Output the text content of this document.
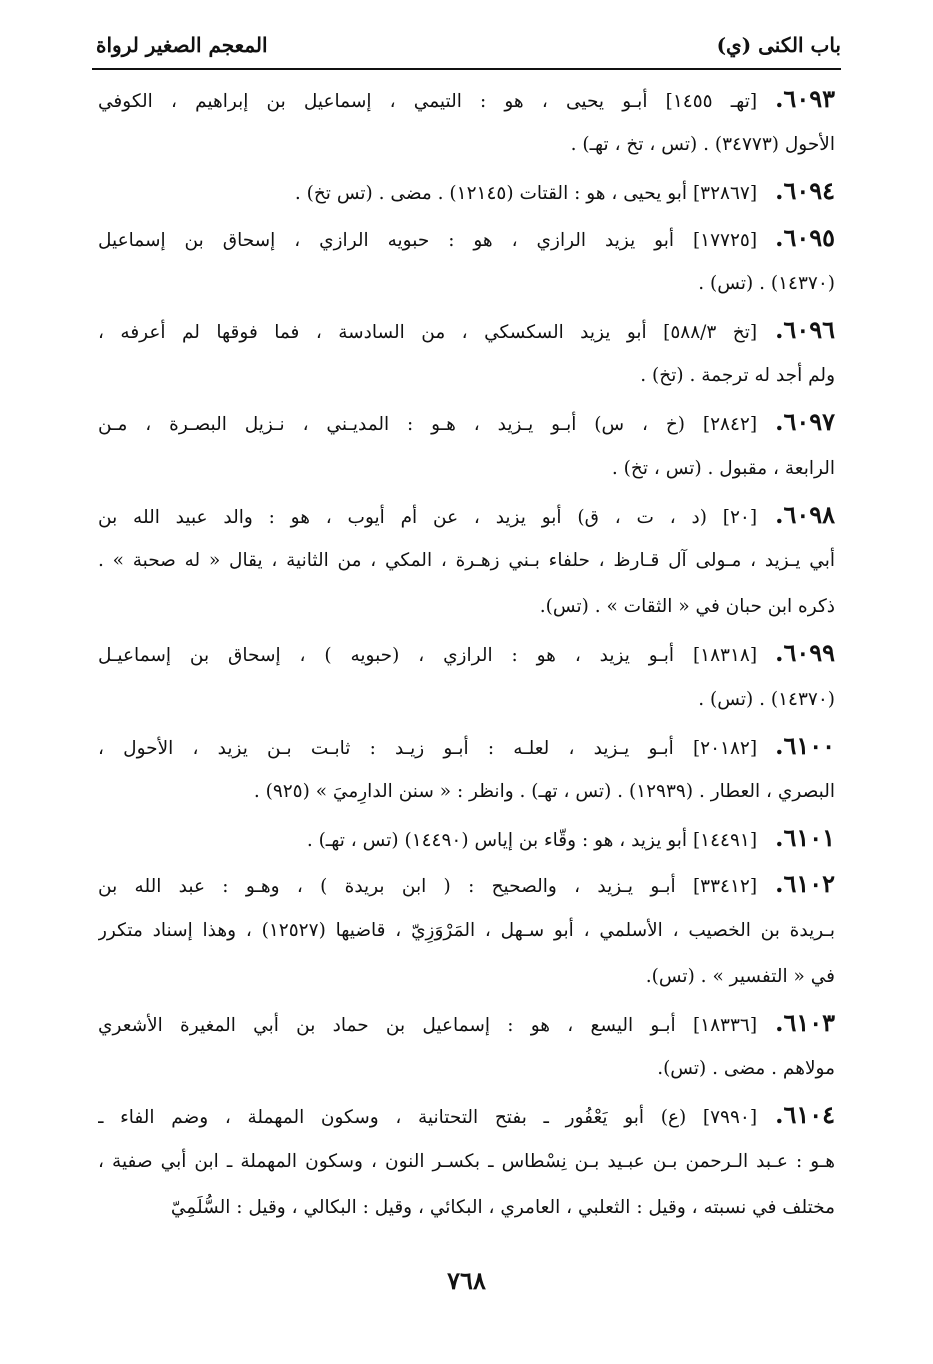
باب الكنى (ي)
المعجم الصغير لرواة
٦٠٩٣.[تهـ ١٤٥٥] أبـو يحيى ، هو : التيمي ، إسماعيل بن إبراهيم ، الكوفي
الأحول (٣٤٧٧٣) . (تس ، تخ ، تهـ) .
٦٠٩٤.[٣٢٨٦٧] أبو يحيى ، هو : القتات (١٢١٤٥) . مضى . (تس تخ) .
٦٠٩٥.[١٧٧٢٥] أبو يزيد الرازي ، هو : حبويه الرازي ، إسحاق بن إسماعيل
(١٤٣٧٠) . (تس) .
٦٠٩٦.[تخ ٥٨٨/٣] أبو يزيد السكسكي ، من السادسة ، فما فوقها لم أعرفه ،
ولم أجد له ترجمة . (تخ) .
٦٠٩٧.[٢٨٤٢] (خ ، س) أبـو يـزيد ، هـو : المديـني ، نـزيل البصـرة ، مـن
الرابعة ، مقبول . (تس ، تخ) .
٦٠٩٨.[٢٠] (د ، ت ، ق) أبو يزيد ، عن أم أيوب ، هو : والد عبيد الله بن
أبي يـزيد ، مـولى آل قـارظ ، حلفاء بـني زهـرة ، المكي ، من الثانية ، يقال « له صحبة » .
ذكره ابن حبان في « الثقات » . (تس).
٦٠٩٩.[١٨٣١٨] أبـو يزيد ، هو : الرازي ، (حبويه ) ، إسحاق بن إسماعيـل
(١٤٣٧٠) . (تس) .
٦١٠٠.[٢٠١٨٢] أبـو يـزيد ، لعلـه : أبـو زيـد : ثابـت بـن يزيد ، الأحول ،
البصري ، العطار . (١٢٩٣٩) . (تس ، تهـ) . وانظر : « سنن الدارِميَ » (٩٢٥) .
٦١٠١.[١٤٤٩١] أبو يزيد ، هو : وقّاء بن إياس (١٤٤٩٠) (تس ، تهـ) .
٦١٠٢.[٣٣٤١٢] أبـو يـزيد ، والصحيح : ( ابن بريدة ) ، وهـو : عبد الله بن
بـريدة بن الخصيب ، الأسلمي ، أبو سـهل ، المَرْوَزِيّ ، قاضيها (١٢٥٢٧) ، وهذا إسناد متكرر
في « التفسير » . (تس).
٦١٠٣.[١٨٣٣٦] أبـو اليسع ، هو : إسماعيل بن حماد بن أبي المغيرة الأشعري
مولاهم . مضى . (تس).
٦١٠٤.[٧٩٩٠] (ع) أبو يَعْفُور ـ بفتح التحتانية ، وسكون المهملة ، وضم الفاء ـ
هـو : عـبد الـرحمن بـن عبـيد بـن نِسْطاس ـ بكسـر النون ، وسكون المهملة ـ ابن أبي صفية ،
مختلف في نسبته ، وقيل : الثعلبي ، العامري ، البكائي ، وقيل : البكالي ، وقيل : السُّلَمِيّ
٧٦٨
